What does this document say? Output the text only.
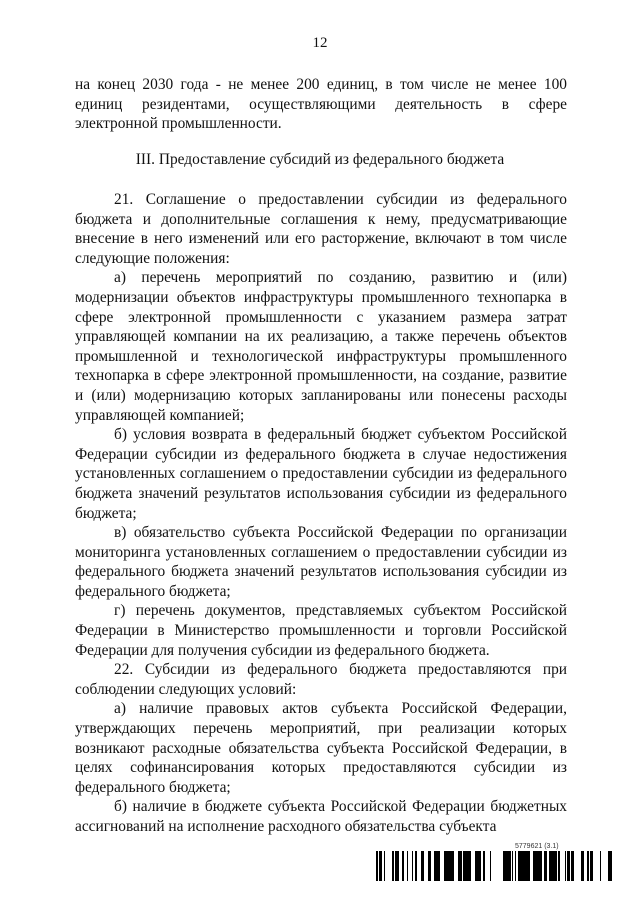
12

на конец 2030 года - не менее 200 единиц, в том числе не менее 100 единиц резидентами, осуществляющими деятельность в сфере электронной промышленности.

III. Предоставление субсидий из федерального бюджета

21. Соглашение о предоставлении субсидии из федерального бюджета и дополнительные соглашения к нему, предусматривающие внесение в него изменений или его расторжение, включают в том числе следующие положения:

а) перечень мероприятий по созданию, развитию и (или) модернизации объектов инфраструктуры промышленного технопарка в сфере электронной промышленности с указанием размера затрат управляющей компании на их реализацию, а также перечень объектов промышленной и технологической инфраструктуры промышленного технопарка в сфере электронной промышленности, на создание, развитие и (или) модернизацию которых запланированы или понесены расходы управляющей компанией;

б) условия возврата в федеральный бюджет субъектом Российской Федерации субсидии из федерального бюджета в случае недостижения установленных соглашением о предоставлении субсидии из федерального бюджета значений результатов использования субсидии из федерального бюджета;

в) обязательство субъекта Российской Федерации по организации мониторинга установленных соглашением о предоставлении субсидии из федерального бюджета значений результатов использования субсидии из федерального бюджета;

г) перечень документов, представляемых субъектом Российской Федерации в Министерство промышленности и торговли Российской Федерации для получения субсидии из федерального бюджета.

22. Субсидии из федерального бюджета предоставляются при соблюдении следующих условий:

а) наличие правовых актов субъекта Российской Федерации, утверждающих перечень мероприятий, при реализации которых возникают расходные обязательства субъекта Российской Федерации, в целях софинансирования которых предоставляются субсидии из федерального бюджета;

б) наличие в бюджете субъекта Российской Федерации бюджетных ассигнований на исполнение расходного обязательства субъекта

5779621 (3.1)
